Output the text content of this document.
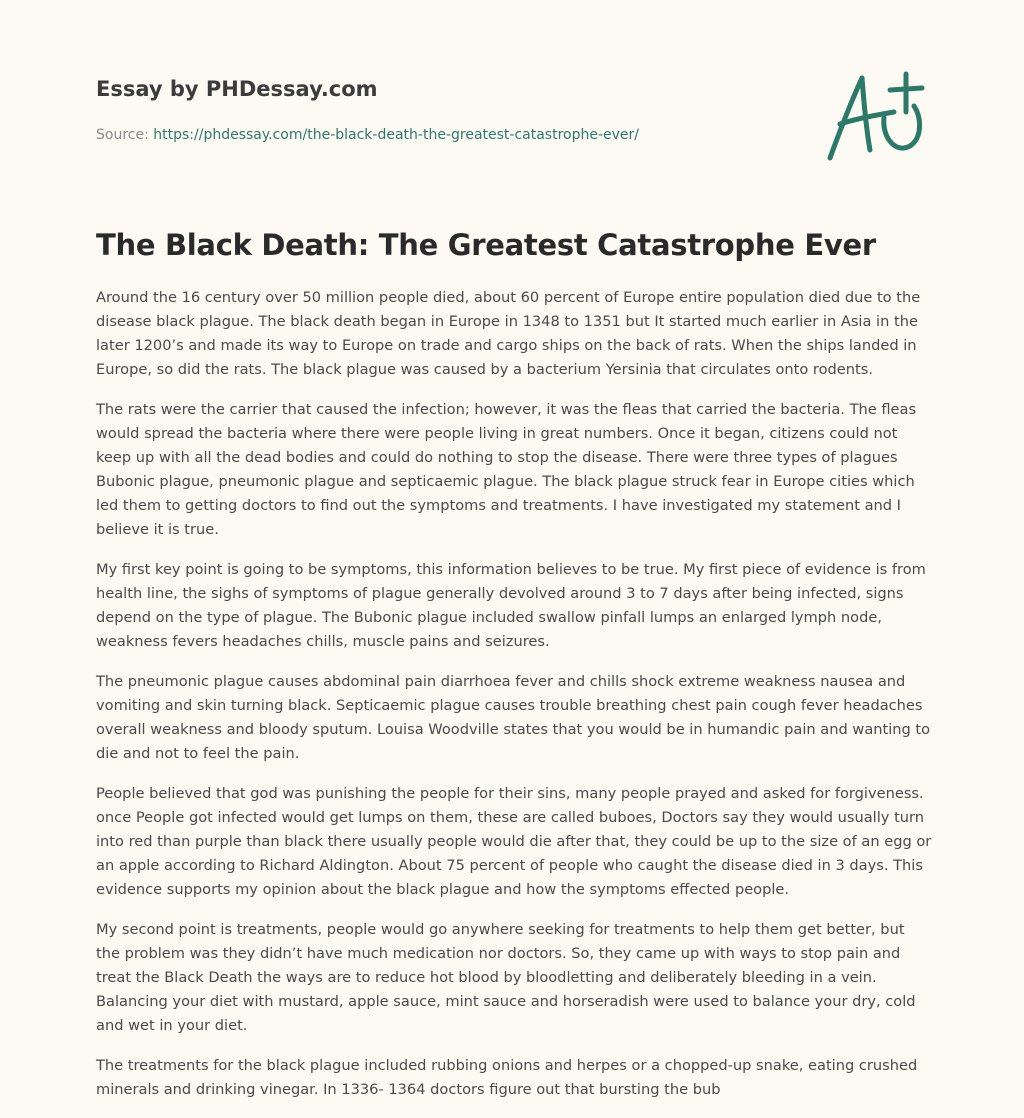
Essay by PHDessay.com
Source: https://phdessay.com/the-black-death-the-greatest-catastrophe-ever/
The Black Death: The Greatest Catastrophe Ever

Around the 16 century over 50 million people died, about 60 percent of Europe entire population died due to the disease black plague. The black death began in Europe in 1348 to 1351 but It started much earlier in Asia in the later 1200’s and made its way to Europe on trade and cargo ships on the back of rats. When the ships landed in Europe, so did the rats. The black plague was caused by a bacterium Yersinia that circulates onto rodents.

The rats were the carrier that caused the infection; however, it was the fleas that carried the bacteria. The fleas would spread the bacteria where there were people living in great numbers. Once it began, citizens could not keep up with all the dead bodies and could do nothing to stop the disease. There were three types of plagues Bubonic plague, pneumonic plague and septicaemic plague. The black plague struck fear in Europe cities which led them to getting doctors to find out the symptoms and treatments. I have investigated my statement and I believe it is true.

My first key point is going to be symptoms, this information believes to be true. My first piece of evidence is from health line, the sighs of symptoms of plague generally devolved around 3 to 7 days after being infected, signs depend on the type of plague. The Bubonic plague included swallow pinfall lumps an enlarged lymph node, weakness fevers headaches chills, muscle pains and seizures.

The pneumonic plague causes abdominal pain diarrhoea fever and chills shock extreme weakness nausea and vomiting and skin turning black. Septicaemic plague causes trouble breathing chest pain cough fever headaches overall weakness and bloody sputum. Louisa Woodville states that you would be in humandic pain and wanting to die and not to feel the pain.

People believed that god was punishing the people for their sins, many people prayed and asked for forgiveness. once People got infected would get lumps on them, these are called buboes, Doctors say they would usually turn into red than purple than black there usually people would die after that, they could be up to the size of an egg or an apple according to Richard Aldington. About 75 percent of people who caught the disease died in 3 days. This evidence supports my opinion about the black plague and how the symptoms effected people.

My second point is treatments, people would go anywhere seeking for treatments to help them get better, but the problem was they didn’t have much medication nor doctors. So, they came up with ways to stop pain and treat the Black Death the ways are to reduce hot blood by bloodletting and deliberately bleeding in a vein. Balancing your diet with mustard, apple sauce, mint sauce and horseradish were used to balance your dry, cold and wet in your diet.

The treatments for the black plague included rubbing onions and herpes or a chopped-up snake, eating crushed minerals and drinking vinegar. In 1336- 1364 doctors figure out that bursting the bub
